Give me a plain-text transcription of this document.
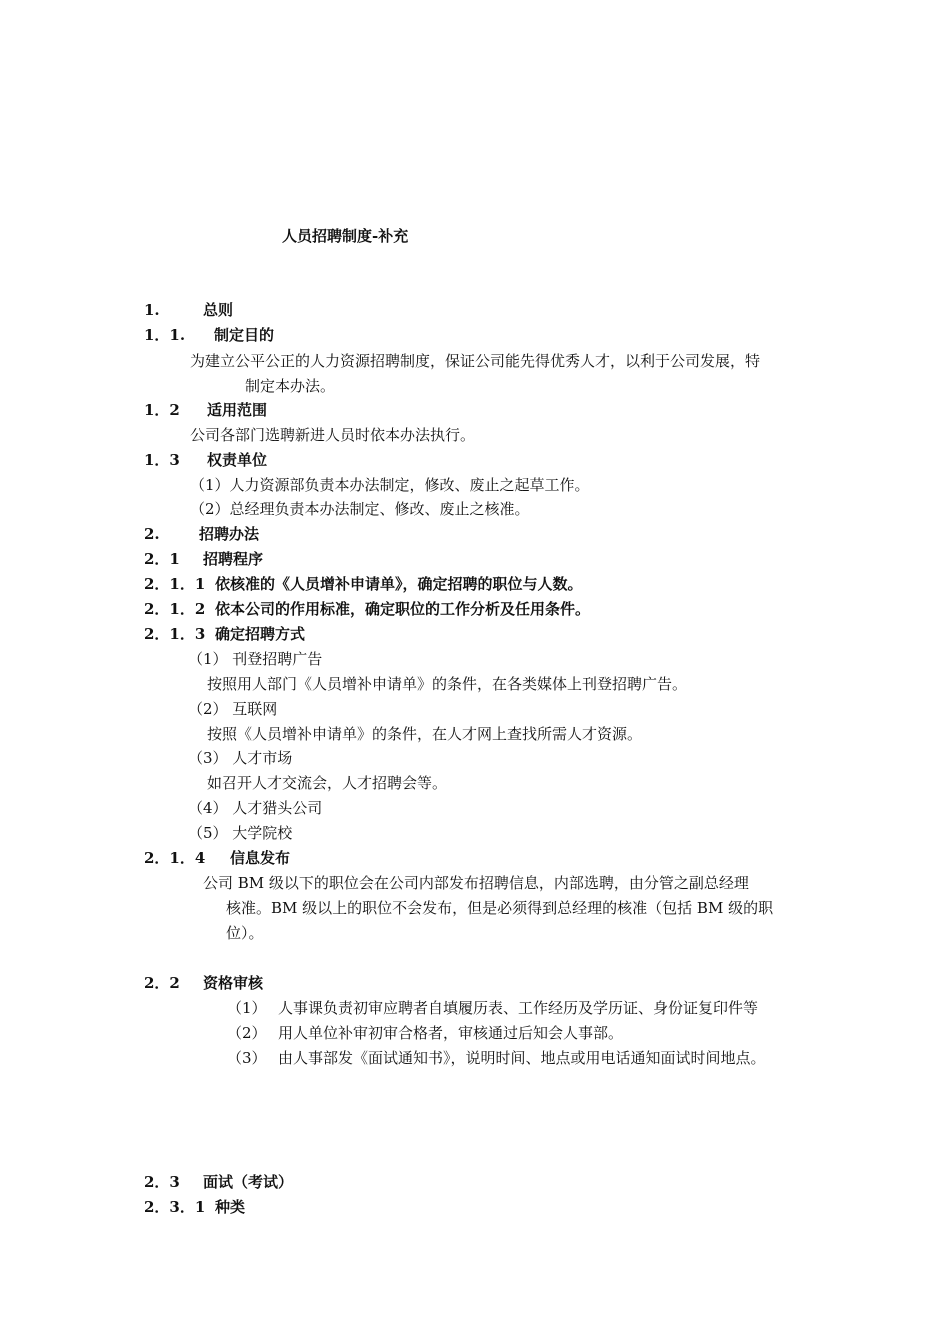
人员招聘制度-补充
1.	总则
1．1. 制定目的
为建立公平公正的人力资源招聘制度，保证公司能先得优秀人才，以利于公司发展，特
制定本办法。
1．2 适用范围
公司各部门选聘新进人员时依本办法执行。
1．3 权责单位
（1）人力资源部负责本办法制定，修改、废止之起草工作。
（2）总经理负责本办法制定、修改、废止之核准。
2.	招聘办法
2．1 招聘程序
2．1．1 依核准的《人员增补申请单》，确定招聘的职位与人数。
2．1．2 依本公司的作用标准，确定职位的工作分析及任用条件。
2．1．3 确定招聘方式
（1） 刊登招聘广告
按照用人部门《人员增补申请单》的条件，在各类媒体上刊登招聘广告。
（2） 互联网
按照《人员增补申请单》的条件，在人才网上查找所需人才资源。
（3） 人才市场
如召开人才交流会，人才招聘会等。
（4） 人才猎头公司
（5） 大学院校
2．1．4 信息发布
公司 BM 级以下的职位会在公司内部发布招聘信息，内部选聘，由分管之副总经理
核准。BM 级以上的职位不会发布，但是必须得到总经理的核准（包括 BM 级的职
位）。
2．2 资格审核
（1） 人事课负责初审应聘者自填履历表、工作经历及学历证、身份证复印件等
（2） 用人单位补审初审合格者，审核通过后知会人事部。
（3） 由人事部发《面试通知书》，说明时间、地点或用电话通知面试时间地点。
2．3 面试（考试）
2．3．1 种类
